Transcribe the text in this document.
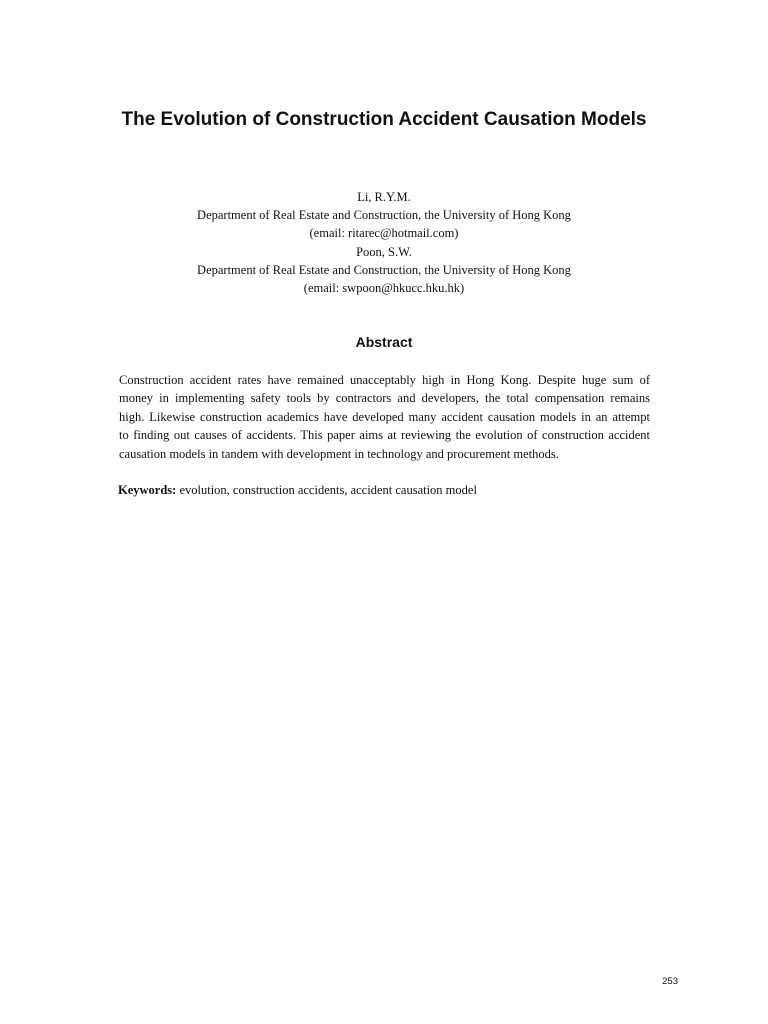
The Evolution of Construction Accident Causation Models
Li, R.Y.M.
Department of Real Estate and Construction, the University of Hong Kong
(email: ritarec@hotmail.com)
Poon, S.W.
Department of Real Estate and Construction, the University of Hong Kong
(email: swpoon@hkucc.hku.hk)
Abstract
Construction accident rates have remained unacceptably high in Hong Kong. Despite huge sum of
money in implementing safety tools by contractors and developers, the total compensation remains
high. Likewise construction academics have developed many accident causation models in an attempt
to finding out causes of accidents. This paper aims at reviewing the evolution of construction accident
causation models in tandem with development in technology and procurement methods.

Keywords: evolution, construction accidents, accident causation model

253
